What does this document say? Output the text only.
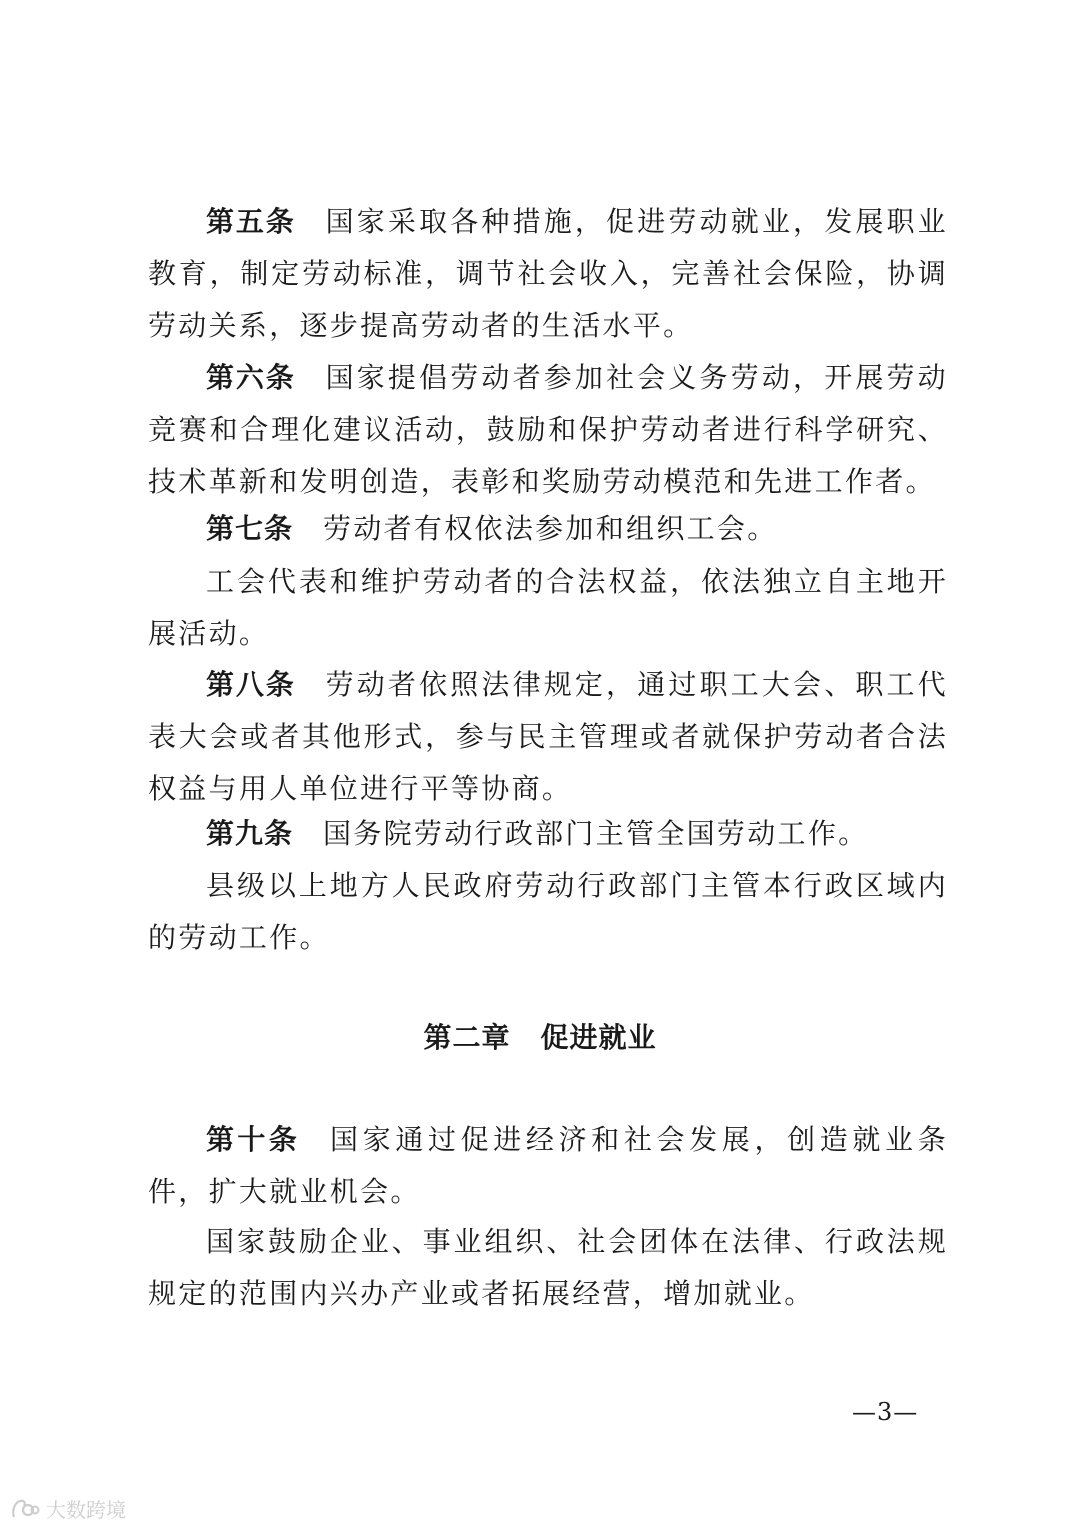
第五条 国家采取各种措施，促进劳动就业，发展职业教育，制定劳动标准，调节社会收入，完善社会保险，协调劳动关系，逐步提高劳动者的生活水平。

第六条 国家提倡劳动者参加社会义务劳动，开展劳动竞赛和合理化建议活动，鼓励和保护劳动者进行科学研究、技术革新和发明创造，表彰和奖励劳动模范和先进工作者。

第七条 劳动者有权依法参加和组织工会。

工会代表和维护劳动者的合法权益，依法独立自主地开展活动。

第八条 劳动者依照法律规定，通过职工大会、职工代表大会或者其他形式，参与民主管理或者就保护劳动者合法权益与用人单位进行平等协商。

第九条 国务院劳动行政部门主管全国劳动工作。

县级以上地方人民政府劳动行政部门主管本行政区域内的劳动工作。

第二章 促进就业

第十条 国家通过促进经济和社会发展，创造就业条件，扩大就业机会。

国家鼓励企业、事业组织、社会团体在法律、行政法规规定的范围内兴办产业或者拓展经营，增加就业。

—3—
大数跨境
